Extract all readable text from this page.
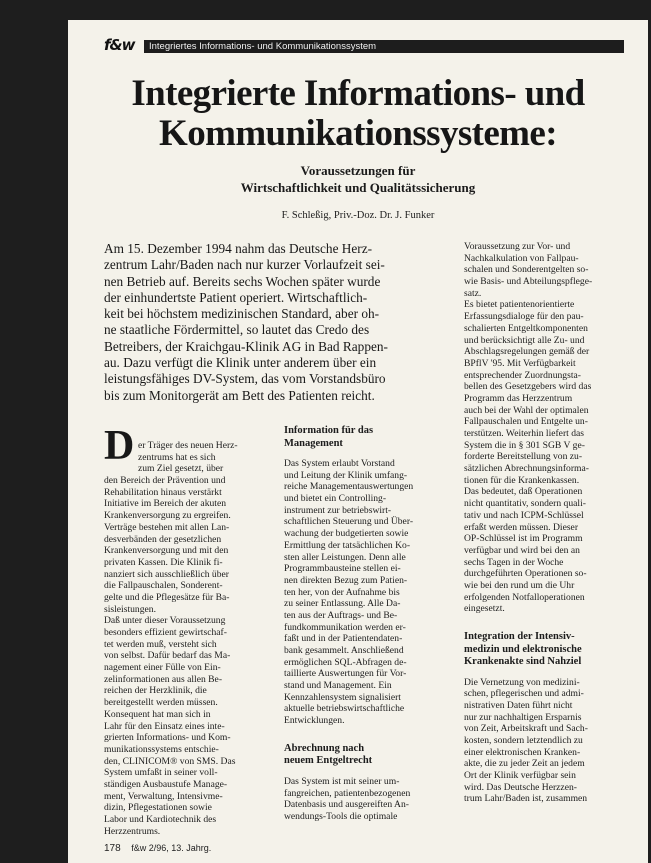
f&w Integriertes Informations- und Kommunikationssystem
Integrierte Informations- und
Kommunikationssysteme:
Voraussetzungen für
Wirtschaftlichkeit und Qualitätssicherung
F. Schleßig, Priv.-Doz. Dr. J. Funker
Am 15. Dezember 1994 nahm das Deutsche Herz-
zentrum Lahr/Baden nach nur kurzer Vorlaufzeit sei-
nen Betrieb auf. Bereits sechs Wochen später wurde
der einhundertste Patient operiert. Wirtschaftlich-
keit bei höchstem medizinischen Standard, aber oh-
ne staatliche Fördermittel, so lautet das Credo des
Betreibers, der Kraichgau-Klinik AG in Bad Rappen-
au. Dazu verfügt die Klinik unter anderem über ein
leistungsfähiges DV-System, das vom Vorstandsbüro
bis zum Monitorgerät am Bett des Patienten reicht.
D er Träger des neuen Herz-
zentrums hat es sich
zum Ziel gesetzt, über
den Bereich der Prävention und
Rehabilitation hinaus verstärkt
Initiative im Bereich der akuten
Krankenversorgung zu ergreifen.
Verträge bestehen mit allen Lan-
desverbänden der gesetzlichen
Krankenversorgung und mit den
privaten Kassen. Die Klinik fi-
nanziert sich ausschließlich über
die Fallpauschalen, Sonderent-
gelte und die Pflegesätze für Ba-
sisleistungen.
Daß unter dieser Voraussetzung
besonders effizient gewirtschaf-
tet werden muß, versteht sich
von selbst. Dafür bedarf das Ma-
nagement einer Fülle von Ein-
zelinformationen aus allen Be-
reichen der Herzklinik, die
bereitgestellt werden müssen.
Konsequent hat man sich in
Lahr für den Einsatz eines inte-
grierten Informations- und Kom-
munikationssystems entschie-
den, CLINICOM® von SMS. Das
System umfaßt in seiner voll-
ständigen Ausbaustufe Manage-
ment, Verwaltung, Intensivme-
dizin, Pflegestationen sowie
Labor und Kardiotechnik des
Herzzentrums.
Information für das
Management
Das System erlaubt Vorstand
und Leitung der Klinik umfang-
reiche Managementauswertungen
und bietet ein Controlling-
instrument zur betriebswirt-
schaftlichen Steuerung und Über-
wachung der budgetierten sowie
Ermittlung der tatsächlichen Ko-
sten aller Leistungen. Denn alle
Programmbausteine stellen ei-
nen direkten Bezug zum Patien-
ten her, von der Aufnahme bis
zu seiner Entlassung. Alle Da-
ten aus der Auftrags- und Be-
fundkommunikation werden er-
faßt und in der Patientendaten-
bank gesammelt. Anschließend
ermöglichen SQL-Abfragen de-
taillierte Auswertungen für Vor-
stand und Management. Ein
Kennzahlensystem signalisiert
aktuelle betriebswirtschaftliche
Entwicklungen.
Abrechnung nach
neuem Entgeltrecht
Das System ist mit seiner um-
fangreichen, patientenbezogenen
Datenbasis und ausgereiften An-
wendungs-Tools die optimale
Voraussetzung zur Vor- und
Nachkalkulation von Fallpau-
schalen und Sonderentgelten so-
wie Basis- und Abteilungspflege-
satz.
Es bietet patientenorientierte
Erfassungsdialoge für den pau-
schalierten Entgeltkomponenten
und berücksichtigt alle Zu- und
Abschlagsregelungen gemäß der
BPflV '95. Mit Verfügbarkeit
entsprechender Zuordnungsta-
bellen des Gesetzgebers wird das
Programm das Herzzentrum
auch bei der Wahl der optimalen
Fallpauschalen und Entgelte un-
terstützen. Weiterhin liefert das
System die in § 301 SGB V ge-
forderte Bereitstellung von zu-
sätzlichen Abrechnungsinforma-
tionen für die Krankenkassen.
Das bedeutet, daß Operationen
nicht quantitativ, sondern quali-
tativ und nach ICPM-Schlüssel
erfaßt werden müssen. Dieser
OP-Schlüssel ist im Programm
verfügbar und wird bei den an
sechs Tagen in der Woche
durchgeführten Operationen so-
wie bei den rund um die Uhr
erfolgenden Notfalloperationen
eingesetzt.
Integration der Intensiv-
medizin und elektronische
Krankenakte sind Nahziel
Die Vernetzung von medizini-
schen, pflegerischen und admi-
nistrativen Daten führt nicht
nur zur nachhaltigen Ersparnis
von Zeit, Arbeitskraft und Sach-
kosten, sondern letztendlich zu
einer elektronischen Kranken-
akte, die zu jeder Zeit an jedem
Ort der Klinik verfügbar sein
wird. Das Deutsche Herzzen-
trum Lahr/Baden ist, zusammen
178 f&w 2/96, 13. Jahrg.
